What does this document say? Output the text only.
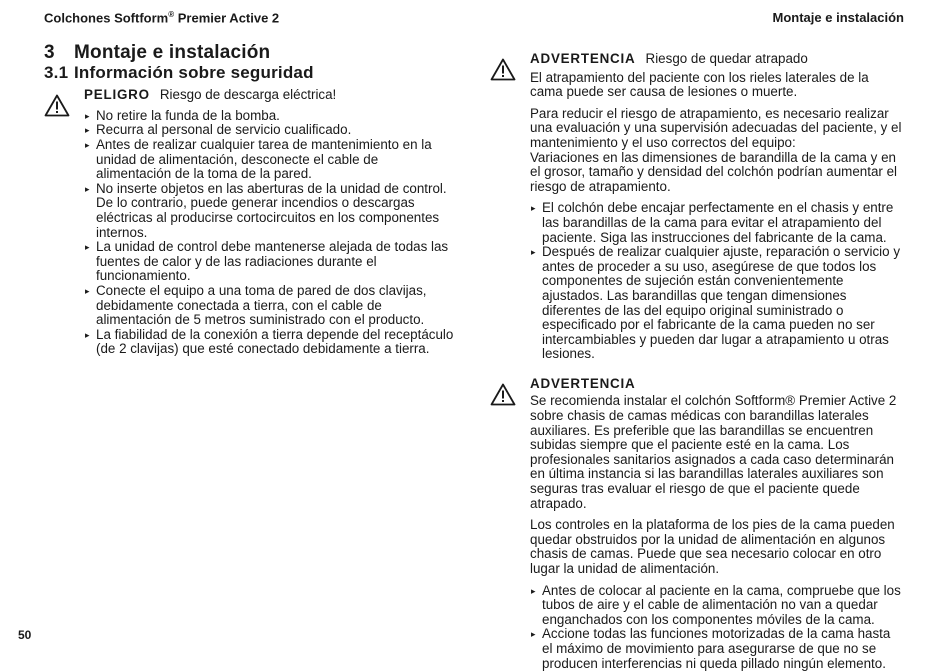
Colchones Softform® Premier Active 2	Montaje e instalación
3 Montaje e instalación
3.1 Información sobre seguridad
PELIGRO Riesgo de descarga eléctrica!
▸ No retire la funda de la bomba.
▸ Recurra al personal de servicio cualificado.
▸ Antes de realizar cualquier tarea de mantenimiento en la unidad de alimentación, desconecte el cable de alimentación de la toma de la pared.
▸ No inserte objetos en las aberturas de la unidad de control. De lo contrario, puede generar incendios o descargas eléctricas al producirse cortocircuitos en los componentes internos.
▸ La unidad de control debe mantenerse alejada de todas las fuentes de calor y de las radiaciones durante el funcionamiento.
▸ Conecte el equipo a una toma de pared de dos clavijas, debidamente conectada a tierra, con el cable de alimentación de 5 metros suministrado con el producto.
▸ La fiabilidad de la conexión a tierra depende del receptáculo (de 2 clavijas) que esté conectado debidamente a tierra.
ADVERTENCIA Riesgo de quedar atrapado

El atrapamiento del paciente con los rieles laterales de la cama puede ser causa de lesiones o muerte.

Para reducir el riesgo de atrapamiento, es necesario realizar una evaluación y una supervisión adecuadas del paciente, y el mantenimiento y el uso correctos del equipo:

Variaciones en las dimensiones de barandilla de la cama y en el grosor, tamaño y densidad del colchón podrían aumentar el riesgo de atrapamiento.

▸ El colchón debe encajar perfectamente en el chasis y entre las barandillas de la cama para evitar el atrapamiento del paciente. Siga las instrucciones del fabricante de la cama.
▸ Después de realizar cualquier ajuste, reparación o servicio y antes de proceder a su uso, asegúrese de que todos los componentes de sujeción están convenientemente ajustados. Las barandillas que tengan dimensiones diferentes de las del equipo original suministrado o especificado por el fabricante de la cama pueden no ser intercambiables y pueden dar lugar a atrapamiento u otras lesiones.
ADVERTENCIA

Se recomienda instalar el colchón Softform® Premier Active 2 sobre chasis de camas médicas con barandillas laterales auxiliares. Es preferible que las barandillas se encuentren subidas siempre que el paciente esté en la cama. Los profesionales sanitarios asignados a cada caso determinarán en última instancia si las barandillas laterales auxiliares son seguras tras evaluar el riesgo de que el paciente quede atrapado.

Los controles en la plataforma de los pies de la cama pueden quedar obstruidos por la unidad de alimentación en algunos chasis de camas. Puede que sea necesario colocar en otro lugar la unidad de alimentación.

▸ Antes de colocar al paciente en la cama, compruebe que los tubos de aire y el cable de alimentación no van a quedar enganchados con los componentes móviles de la cama.
▸ Accione todas las funciones motorizadas de la cama hasta el máximo de movimiento para asegurarse de que no se producen interferencias ni queda pillado ningún elemento.
50
